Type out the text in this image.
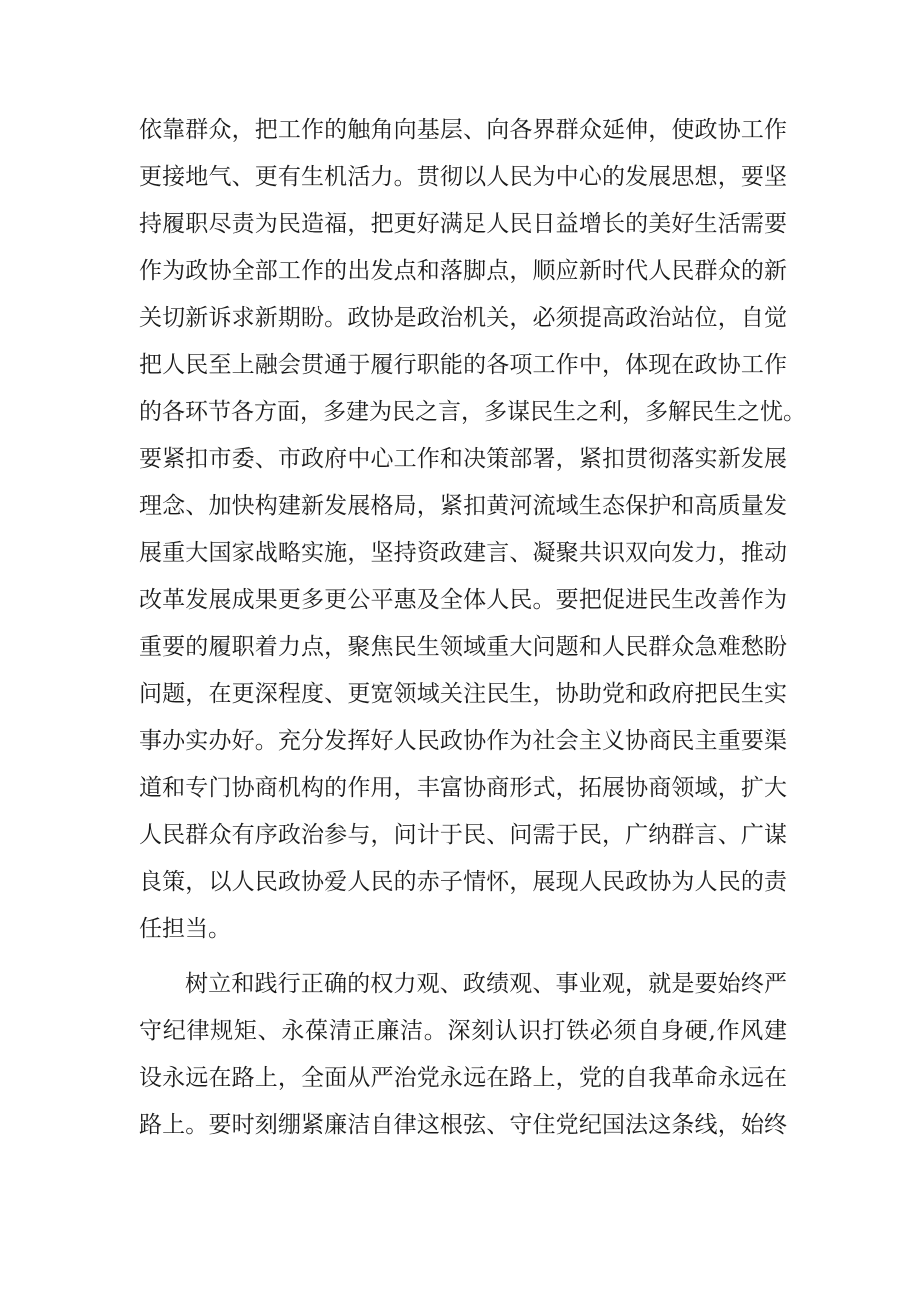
依靠群众，把工作的触角向基层、向各界群众延伸，使政协工作
更接地气、更有生机活力。贯彻以人民为中心的发展思想，要坚
持履职尽责为民造福，把更好满足人民日益增长的美好生活需要
作为政协全部工作的出发点和落脚点，顺应新时代人民群众的新
关切新诉求新期盼。政协是政治机关，必须提高政治站位，自觉
把人民至上融会贯通于履行职能的各项工作中，体现在政协工作
的各环节各方面，多建为民之言，多谋民生之利，多解民生之忧。
要紧扣市委、市政府中心工作和决策部署，紧扣贯彻落实新发展
理念、加快构建新发展格局，紧扣黄河流域生态保护和高质量发
展重大国家战略实施，坚持资政建言、凝聚共识双向发力，推动
改革发展成果更多更公平惠及全体人民。要把促进民生改善作为
重要的履职着力点，聚焦民生领域重大问题和人民群众急难愁盼
问题，在更深程度、更宽领域关注民生，协助党和政府把民生实
事办实办好。充分发挥好人民政协作为社会主义协商民主重要渠
道和专门协商机构的作用，丰富协商形式，拓展协商领域，扩大
人民群众有序政治参与，问计于民、问需于民，广纳群言、广谋
良策，以人民政协爱人民的赤子情怀，展现人民政协为人民的责
任担当。
树立和践行正确的权力观、政绩观、事业观，就是要始终严
守纪律规矩、永葆清正廉洁。深刻认识打铁必须自身硬,作风建
设永远在路上，全面从严治党永远在路上，党的自我革命永远在
路上。要时刻绷紧廉洁自律这根弦、守住党纪国法这条线，始终
